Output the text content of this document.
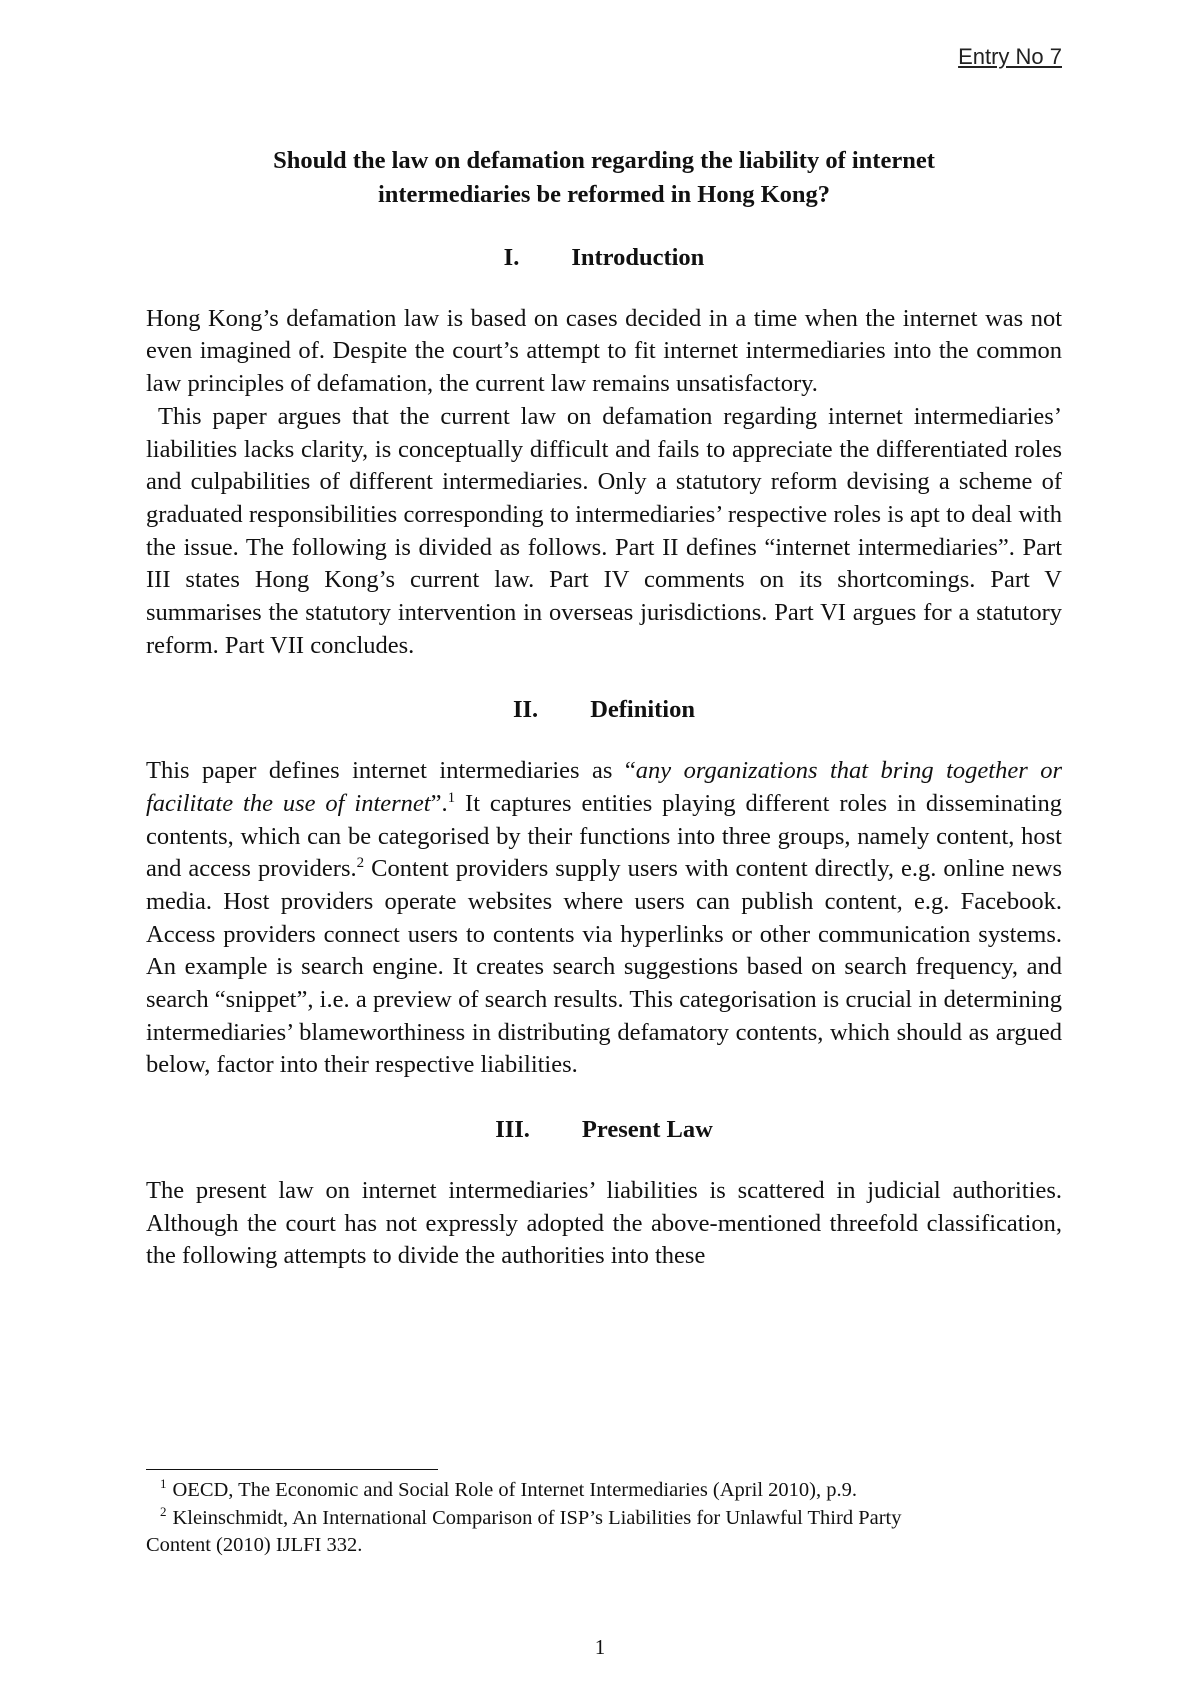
Entry No 7
Should the law on defamation regarding the liability of internet
intermediaries be reformed in Hong Kong?
I. Introduction

Hong Kong’s defamation law is based on cases decided in a time when the internet was not even imagined of. Despite the court’s attempt to fit internet intermediaries into the common law principles of defamation, the current law remains unsatisfactory.

This paper argues that the current law on defamation regarding internet intermediaries’ liabilities lacks clarity, is conceptually difficult and fails to appreciate the differentiated roles and culpabilities of different intermediaries. Only a statutory reform devising a scheme of graduated responsibilities corresponding to intermediaries’ respective roles is apt to deal with the issue. The following is divided as follows. Part II defines “internet intermediaries”. Part III states Hong Kong’s current law. Part IV comments on its shortcomings. Part V summarises the statutory intervention in overseas jurisdictions. Part VI argues for a statutory reform. Part VII concludes.

II. Definition

This paper defines internet intermediaries as “any organizations that bring together or facilitate the use of internet”.$^1$ It captures entities playing different roles in disseminating contents, which can be categorised by their functions into three groups, namely content, host and access providers.$^2$ Content providers supply users with content directly, e.g. online news media. Host providers operate websites where users can publish content, e.g. Facebook. Access providers connect users to contents via hyperlinks or other communication systems. An example is search engine. It creates search suggestions based on search frequency, and search “snippet”, i.e. a preview of search results. This categorisation is crucial in determining intermediaries’ blameworthiness in distributing defamatory contents, which should as argued below, factor into their respective liabilities.

III. Present Law

The present law on internet intermediaries’ liabilities is scattered in judicial authorities. Although the court has not expressly adopted the above-mentioned threefold classification, the following attempts to divide the authorities into these

$^1$ OECD, The Economic and Social Role of Internet Intermediaries (April 2010), p.9.

$^2$ Kleinschmidt, An International Comparison of ISP’s Liabilities for Unlawful Third Party

Content (2010) IJLFI 332.

1
